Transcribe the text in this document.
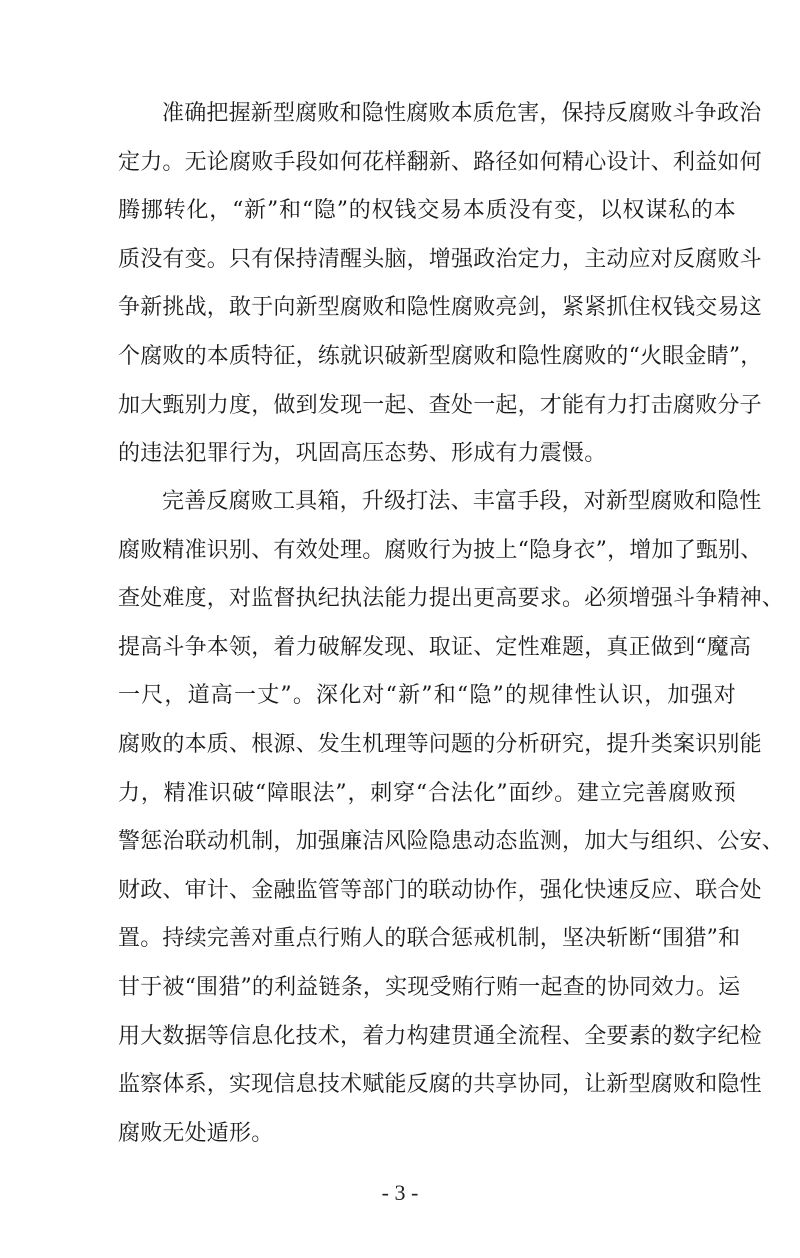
准确把握新型腐败和隐性腐败本质危害，保持反腐败斗争政治
定力。无论腐败手段如何花样翻新、路径如何精心设计、利益如何
腾挪转化，“新”和“隐”的权钱交易本质没有变，以权谋私的本
质没有变。只有保持清醒头脑，增强政治定力，主动应对反腐败斗
争新挑战，敢于向新型腐败和隐性腐败亮剑，紧紧抓住权钱交易这
个腐败的本质特征，练就识破新型腐败和隐性腐败的“火眼金睛”，
加大甄别力度，做到发现一起、查处一起，才能有力打击腐败分子
的违法犯罪行为，巩固高压态势、形成有力震慑。
完善反腐败工具箱，升级打法、丰富手段，对新型腐败和隐性
腐败精准识别、有效处理。腐败行为披上“隐身衣”，增加了甄别、
查处难度，对监督执纪执法能力提出更高要求。必须增强斗争精神、
提高斗争本领，着力破解发现、取证、定性难题，真正做到“魔高
一尺，道高一丈”。深化对“新”和“隐”的规律性认识，加强对
腐败的本质、根源、发生机理等问题的分析研究，提升类案识别能
力，精准识破“障眼法”，刺穿“合法化”面纱。建立完善腐败预
警惩治联动机制，加强廉洁风险隐患动态监测，加大与组织、公安、
财政、审计、金融监管等部门的联动协作，强化快速反应、联合处
置。持续完善对重点行贿人的联合惩戒机制，坚决斩断“围猎”和
甘于被“围猎”的利益链条，实现受贿行贿一起查的协同效力。运
用大数据等信息化技术，着力构建贯通全流程、全要素的数字纪检
监察体系，实现信息技术赋能反腐的共享协同，让新型腐败和隐性
腐败无处遁形。
- 3 -
